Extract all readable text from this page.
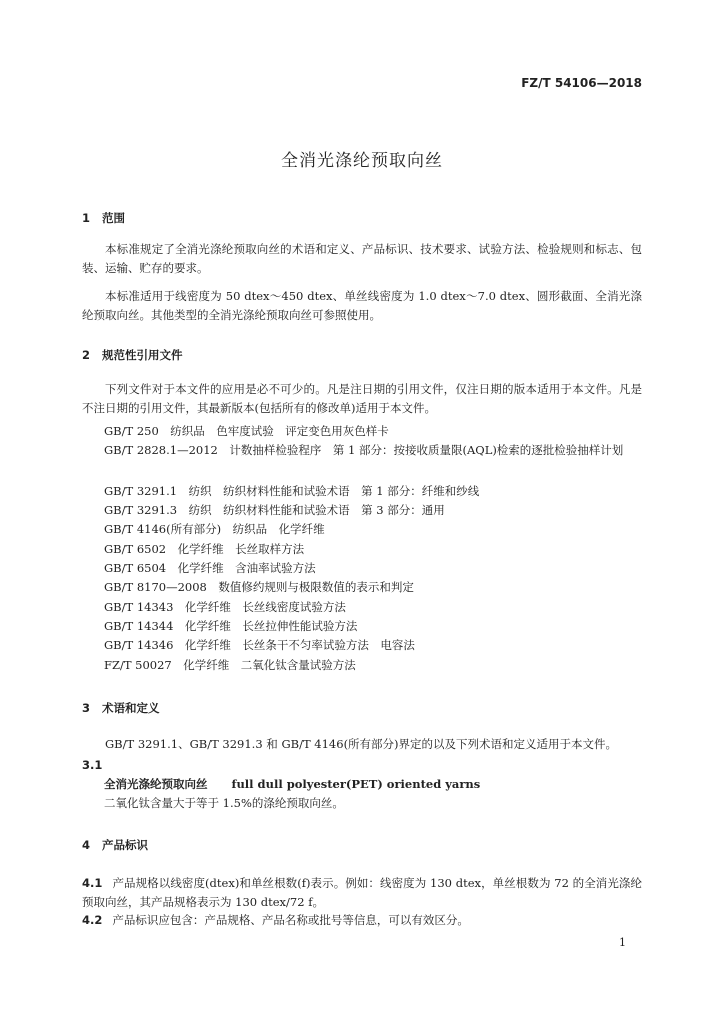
FZ/T 54106—2018
全消光涤纶预取向丝
1 范围
本标准规定了全消光涤纶预取向丝的术语和定义、产品标识、技术要求、试验方法、检验规则和标志、包装、运输、贮存的要求。
本标准适用于线密度为 50 dtex～450 dtex、单丝线密度为 1.0 dtex～7.0 dtex、圆形截面、全消光涤纶预取向丝。其他类型的全消光涤纶预取向丝可参照使用。
2 规范性引用文件
下列文件对于本文件的应用是必不可少的。凡是注日期的引用文件，仅注日期的版本适用于本文件。凡是不注日期的引用文件，其最新版本(包括所有的修改单)适用于本文件。
GB/T 250　纺织品　色牢度试验　评定变色用灰色样卡
GB/T 2828.1—2012　计数抽样检验程序　第 1 部分：按接收质量限(AQL)检索的逐批检验抽样计划
GB/T 3291.1　纺织　纺织材料性能和试验术语　第 1 部分：纤维和纱线
GB/T 3291.3　纺织　纺织材料性能和试验术语　第 3 部分：通用
GB/T 4146(所有部分)　纺织品　化学纤维
GB/T 6502　化学纤维　长丝取样方法
GB/T 6504　化学纤维　含油率试验方法
GB/T 8170—2008　数值修约规则与极限数值的表示和判定
GB/T 14343　化学纤维　长丝线密度试验方法
GB/T 14344　化学纤维　长丝拉伸性能试验方法
GB/T 14346　化学纤维　长丝条干不匀率试验方法　电容法
FZ/T 50027　化学纤维　二氧化钛含量试验方法
3 术语和定义
GB/T 3291.1、GB/T 3291.3 和 GB/T 4146(所有部分)界定的以及下列术语和定义适用于本文件。
3.1
全消光涤纶预取向丝 full dull polyester(PET) oriented yarns
二氧化钛含量大于等于 1.5%的涤纶预取向丝。
4 产品标识
4.1 产品规格以线密度(dtex)和单丝根数(f)表示。例如：线密度为 130 dtex，单丝根数为 72 的全消光涤纶预取向丝，其产品规格表示为 130 dtex/72 f。
4.2 产品标识应包含：产品规格、产品名称或批号等信息，可以有效区分。
1
